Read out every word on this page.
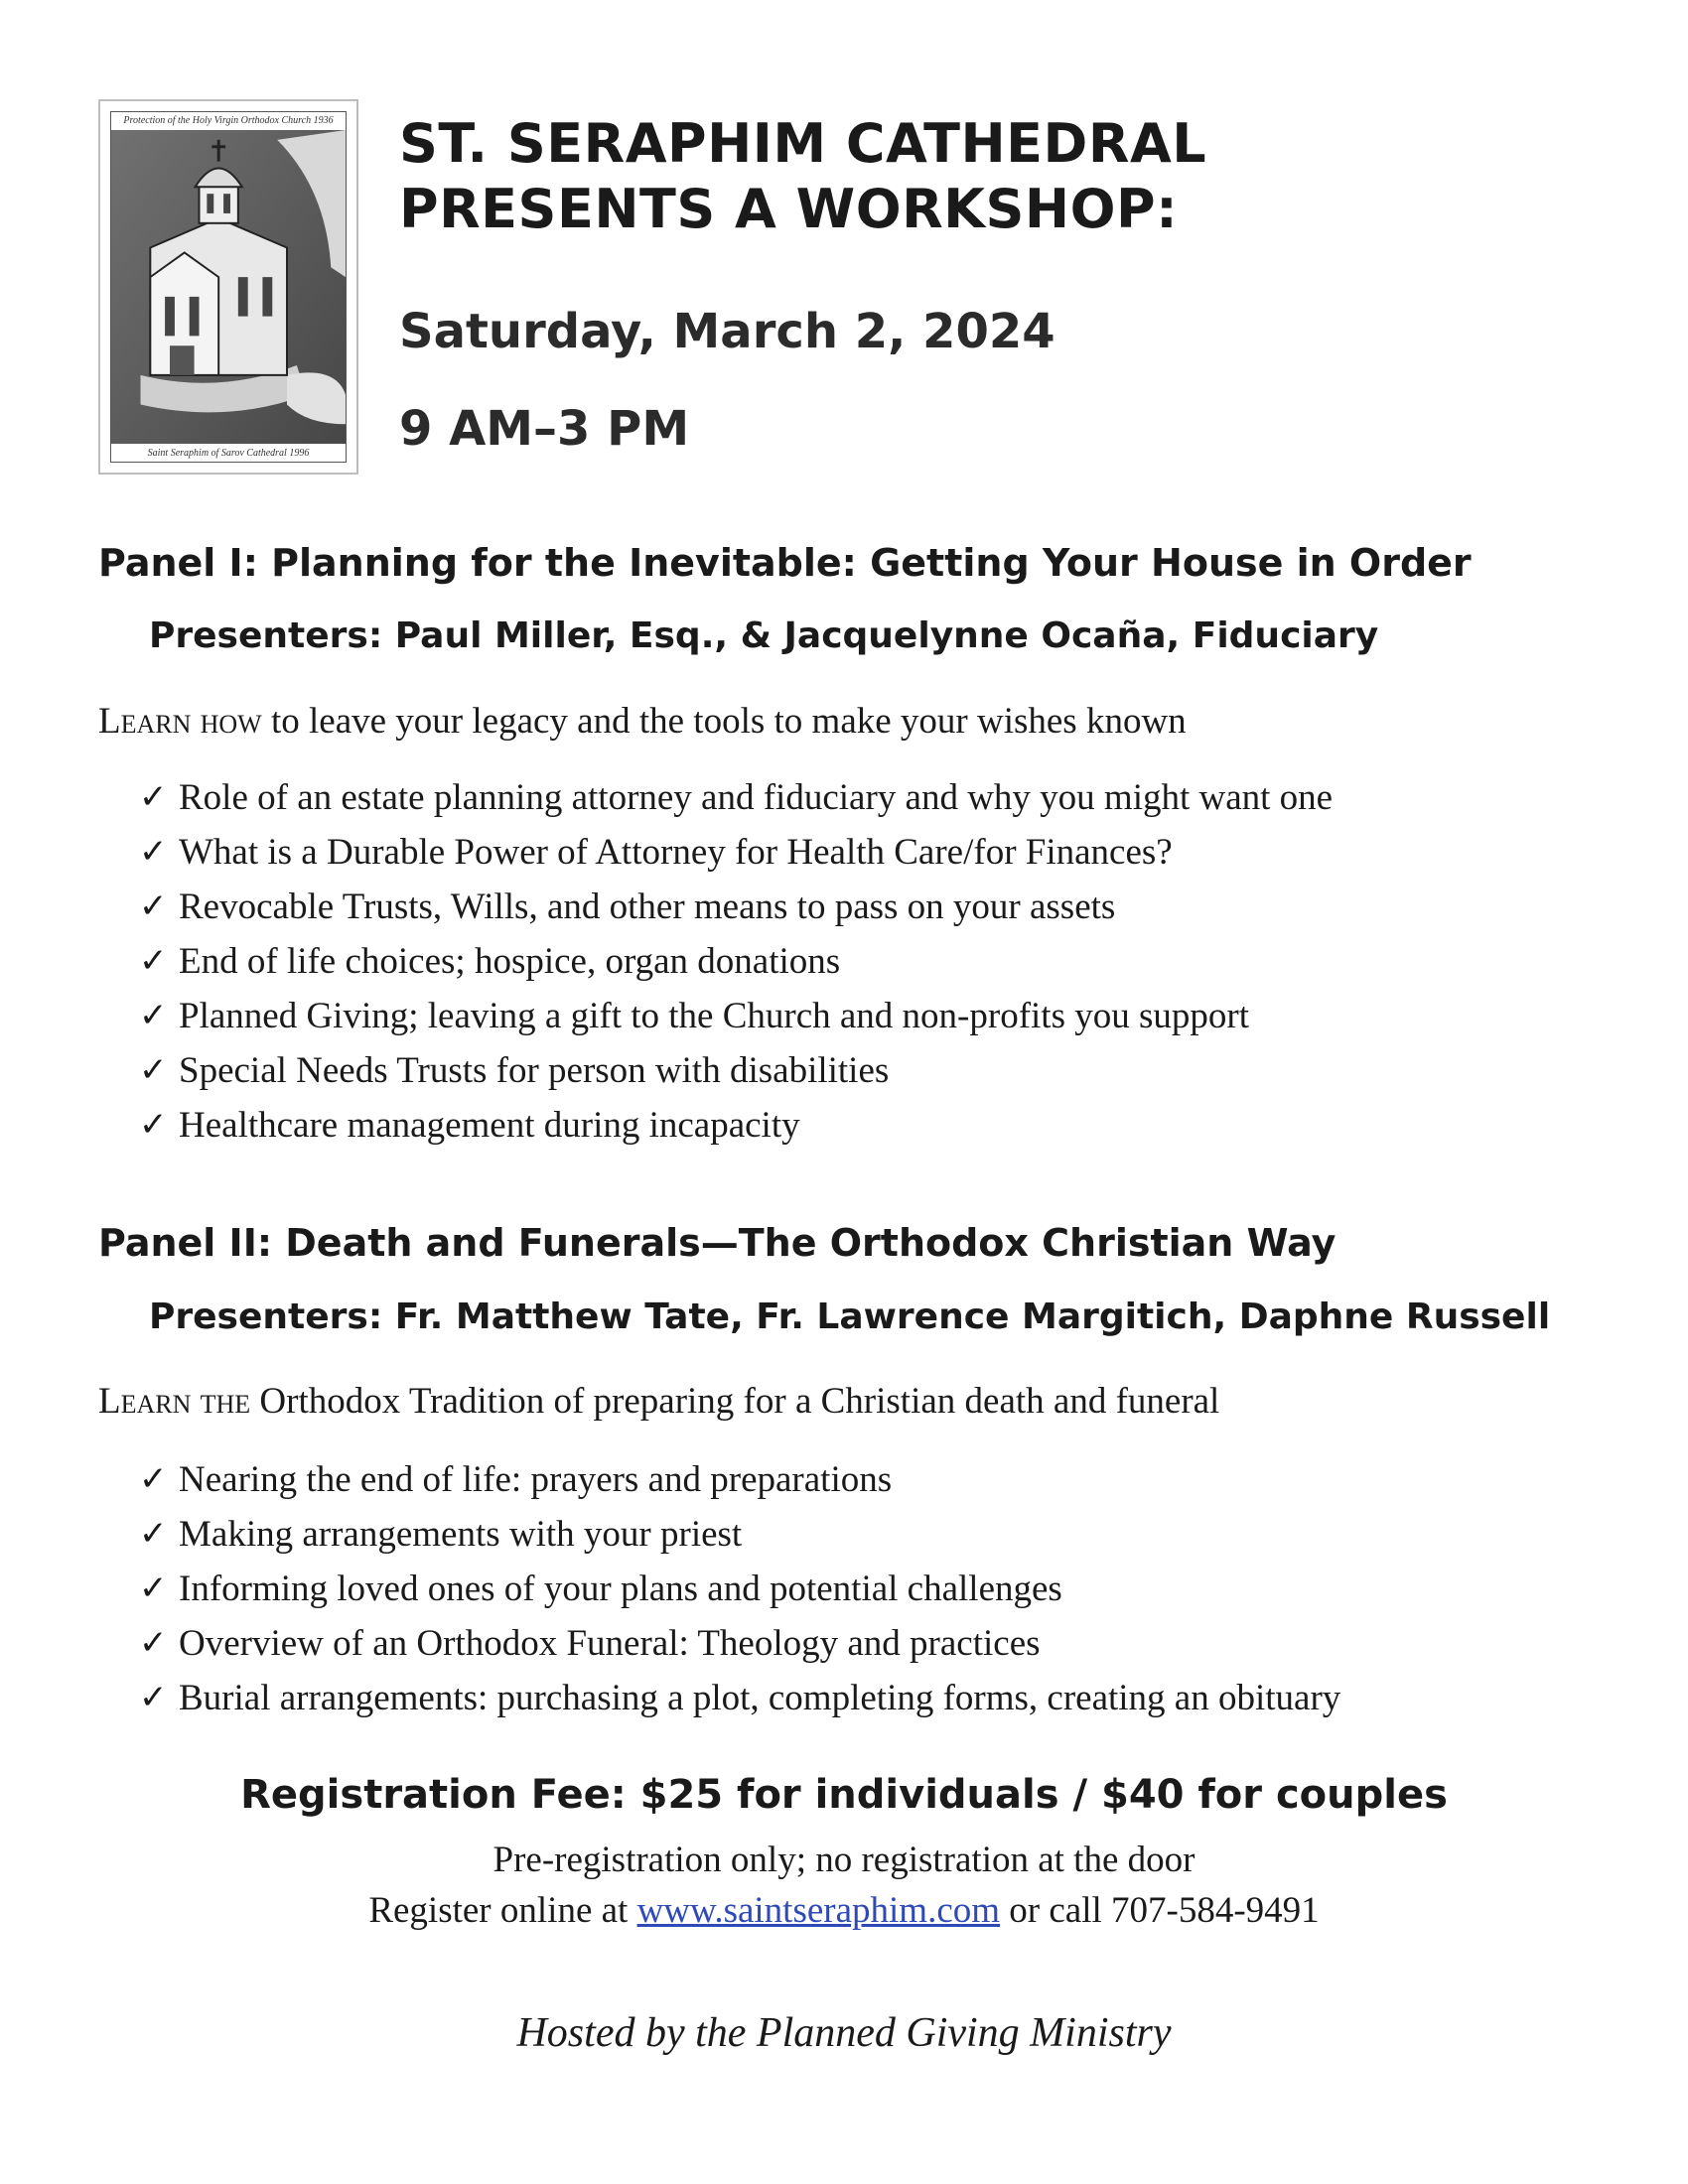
Protection of the Holy Virgin Orthodox Church 1936
Saint Seraphim of Sarov Cathedral 1996
ST. SERAPHIM CATHEDRAL
PRESENTS A WORKSHOP:
Saturday, March 2, 2024
9 AM–3 PM
Panel I: Planning for the Inevitable: Getting Your House in Order
Presenters: Paul Miller, Esq., & Jacquelynne Ocaña, Fiduciary
Learn how to leave your legacy and the tools to make your wishes known
✓ Role of an estate planning attorney and fiduciary and why you might want one
✓ What is a Durable Power of Attorney for Health Care/for Finances?
✓ Revocable Trusts, Wills, and other means to pass on your assets
✓ End of life choices; hospice, organ donations
✓ Planned Giving; leaving a gift to the Church and non-profits you support
✓ Special Needs Trusts for person with disabilities
✓ Healthcare management during incapacity
Panel II: Death and Funerals—The Orthodox Christian Way
Presenters: Fr. Matthew Tate, Fr. Lawrence Margitich, Daphne Russell
Learn the Orthodox Tradition of preparing for a Christian death and funeral
✓ Nearing the end of life: prayers and preparations
✓ Making arrangements with your priest
✓ Informing loved ones of your plans and potential challenges
✓ Overview of an Orthodox Funeral: Theology and practices
✓ Burial arrangements: purchasing a plot, completing forms, creating an obituary
Registration Fee: $25 for individuals / $40 for couples
Pre-registration only; no registration at the door
Register online at www.saintseraphim.com or call 707-584-9491
Hosted by the Planned Giving Ministry
